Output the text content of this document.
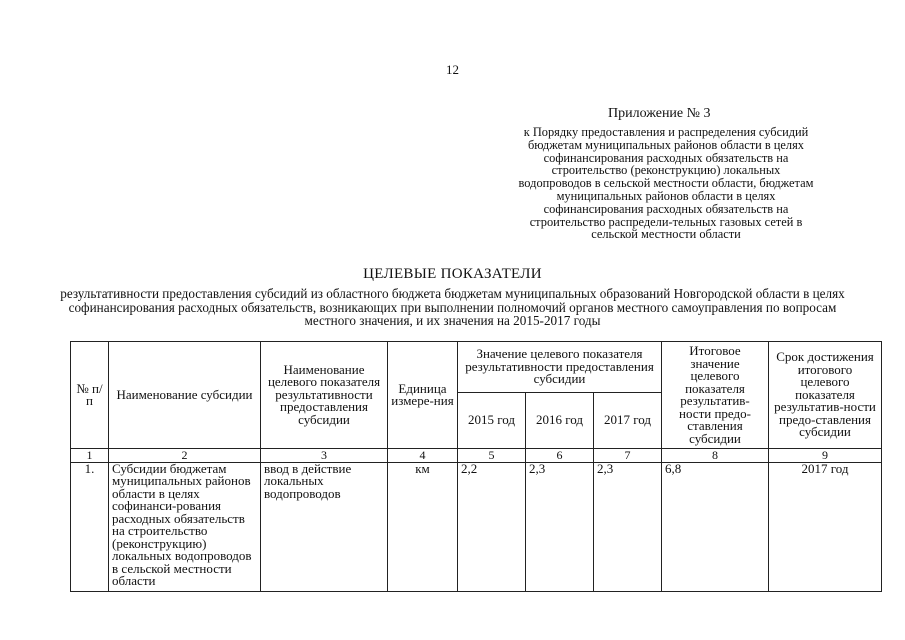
12
Приложение № 3
к Порядку предоставления и распределения субсидий бюджетам муниципальных районов области в целях софинансирования расходных обязательств на строительство (реконструкцию) локальных водопроводов в сельской местности области, бюджетам муниципальных районов области в целях софинансирования расходных обязательств на строительство распредели-тельных газовых сетей в сельской местности области
ЦЕЛЕВЫЕ ПОКАЗАТЕЛИ
результативности предоставления субсидий из областного бюджета бюджетам муниципальных образований Новгородской области в целях софинансирования расходных обязательств, возникающих при выполнении полномочий органов местного самоуправления по вопросам местного значения, и их значения на 2015-2017 годы
№ п/п	Наименование субсидии	Наименование целевого показателя результативности предоставления субсидии	Единица измере-ния	Значение целевого показателя результативности предоставления субсидии			Итоговое значение целевого показателя результатив-ности предо-ставления субсидии	Срок достижения итогового целевого показателя результатив-ности предо-ставления субсидии
				2015 год	2016 год	2017 год		
1	2	3	4	5	6	7	8	9
1.	Субсидии бюджетам муниципальных районов области в целях софинанси-рования расходных обязательств на строительство (реконструкцию) локальных водопроводов в сельской местности области	ввод в действие локальных водопроводов	км	2,2	2,3	2,3	6,8	2017 год
